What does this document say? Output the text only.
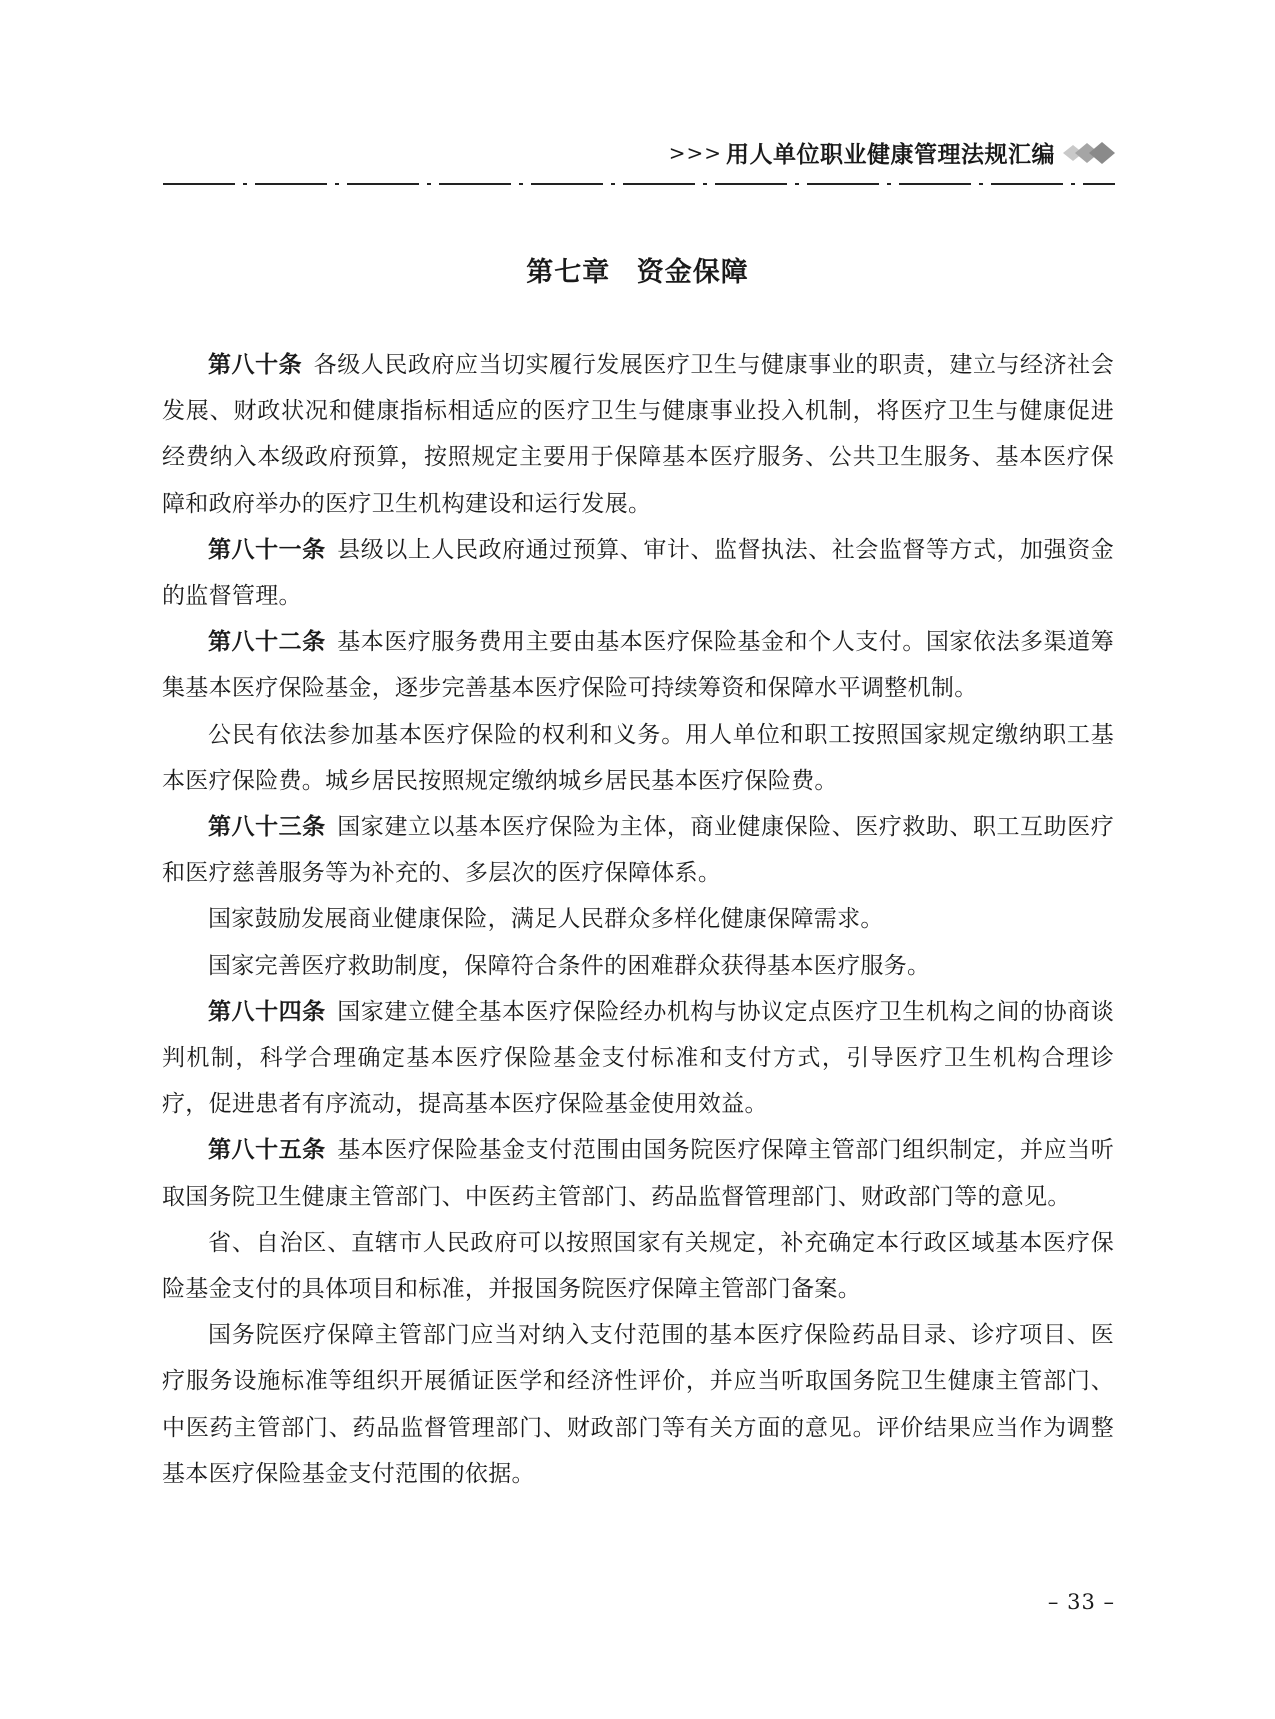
>>> 用人单位职业健康管理法规汇编
第七章 资金保障

第八十条 各级人民政府应当切实履行发展医疗卫生与健康事业的职责，建立与经济社会发展、财政状况和健康指标相适应的医疗卫生与健康事业投入机制，将医疗卫生与健康促进经费纳入本级政府预算，按照规定主要用于保障基本医疗服务、公共卫生服务、基本医疗保障和政府举办的医疗卫生机构建设和运行发展。

第八十一条 县级以上人民政府通过预算、审计、监督执法、社会监督等方式，加强资金的监督管理。

第八十二条 基本医疗服务费用主要由基本医疗保险基金和个人支付。国家依法多渠道筹集基本医疗保险基金，逐步完善基本医疗保险可持续筹资和保障水平调整机制。

公民有依法参加基本医疗保险的权利和义务。用人单位和职工按照国家规定缴纳职工基本医疗保险费。城乡居民按照规定缴纳城乡居民基本医疗保险费。

第八十三条 国家建立以基本医疗保险为主体，商业健康保险、医疗救助、职工互助医疗和医疗慈善服务等为补充的、多层次的医疗保障体系。

国家鼓励发展商业健康保险，满足人民群众多样化健康保障需求。

国家完善医疗救助制度，保障符合条件的困难群众获得基本医疗服务。

第八十四条 国家建立健全基本医疗保险经办机构与协议定点医疗卫生机构之间的协商谈判机制，科学合理确定基本医疗保险基金支付标准和支付方式，引导医疗卫生机构合理诊疗，促进患者有序流动，提高基本医疗保险基金使用效益。

第八十五条 基本医疗保险基金支付范围由国务院医疗保障主管部门组织制定，并应当听取国务院卫生健康主管部门、中医药主管部门、药品监督管理部门、财政部门等的意见。

省、自治区、直辖市人民政府可以按照国家有关规定，补充确定本行政区域基本医疗保险基金支付的具体项目和标准，并报国务院医疗保障主管部门备案。

国务院医疗保障主管部门应当对纳入支付范围的基本医疗保险药品目录、诊疗项目、医疗服务设施标准等组织开展循证医学和经济性评价，并应当听取国务院卫生健康主管部门、中医药主管部门、药品监督管理部门、财政部门等有关方面的意见。评价结果应当作为调整基本医疗保险基金支付范围的依据。

– 33 –
